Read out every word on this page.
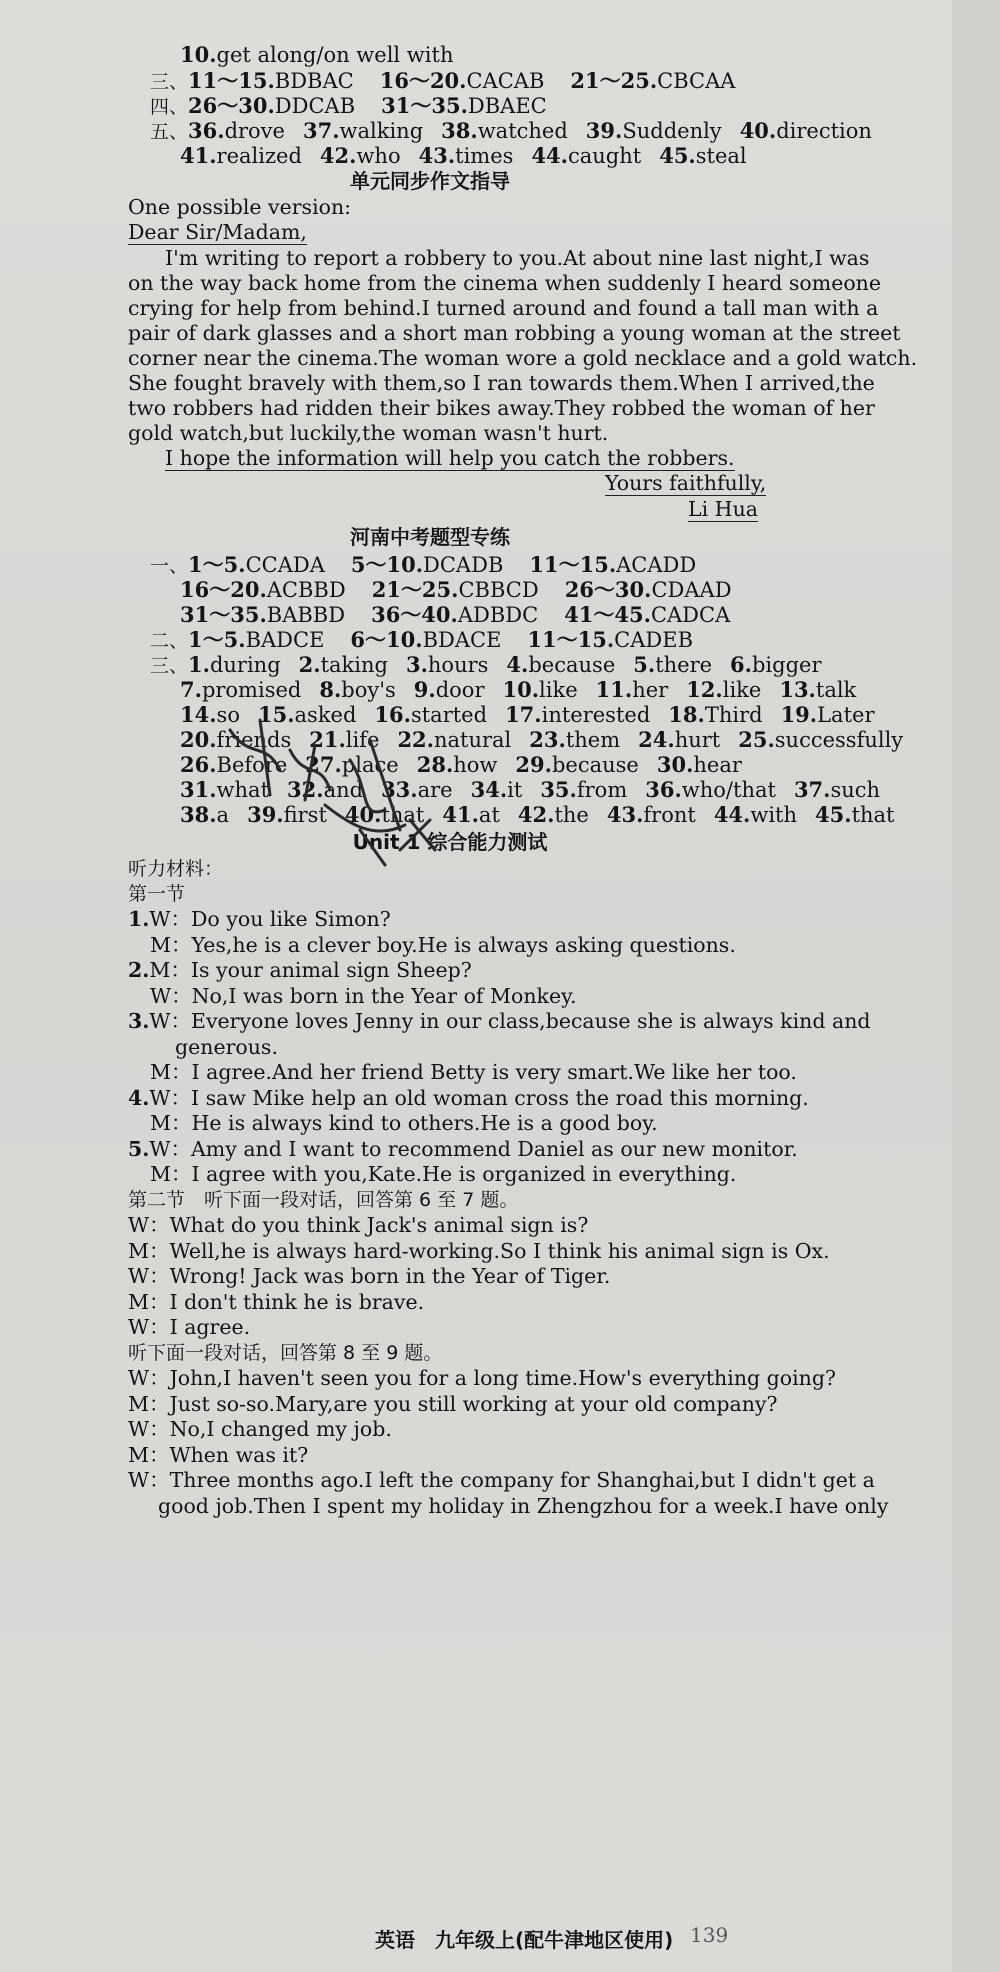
10.get along/on well with
三、11～15.BDBAC 16～20.CACAB 21～25.CBCAA
四、26～30.DDCAB 31～35.DBAEC
五、36.drove 37.walking 38.watched 39.Suddenly 40.direction
41.realized 42.who 43.times 44.caught 45.steal
单元同步作文指导
One possible version:
Dear Sir/Madam,
I'm writing to report a robbery to you.At about nine last night,I was
on the way back home from the cinema when suddenly I heard someone
crying for help from behind.I turned around and found a tall man with a
pair of dark glasses and a short man robbing a young woman at the street
corner near the cinema.The woman wore a gold necklace and a gold watch.
She fought bravely with them,so I ran towards them.When I arrived,the
two robbers had ridden their bikes away.They robbed the woman of her
gold watch,but luckily,the woman wasn't hurt.
I hope the information will help you catch the robbers.
Yours faithfully,
Li Hua
河南中考题型专练
一、1～5.CCADA 5～10.DCADB 11～15.ACADD
16～20.ACBBD 21～25.CBBCD 26～30.CDAAD
31～35.BABBD 36～40.ADBDC 41～45.CADCA
二、1～5.BADCE 6～10.BDACE 11～15.CADEB
三、1.during 2.taking 3.hours 4.because 5.there 6.bigger
7.promised 8.boy's 9.door 10.like 11.her 12.like 13.talk
14.so 15.asked 16.started 17.interested 18.Third 19.Later
20.friends 21.life 22.natural 23.them 24.hurt 25.successfully
26.Before 27.place 28.how 29.because 30.hear
31.what 32.and 33.are 34.it 35.from 36.who/that 37.such
38.a 39.first 40.that 41.at 42.the 43.front 44.with 45.that
Unit 1 综合能力测试
听力材料：
第一节
1.W：Do you like Simon?
M：Yes,he is a clever boy.He is always asking questions.
2.M：Is your animal sign Sheep?
W：No,I was born in the Year of Monkey.
3.W：Everyone loves Jenny in our class,because she is always kind and
generous.
M：I agree.And her friend Betty is very smart.We like her too.
4.W：I saw Mike help an old woman cross the road this morning.
M：He is always kind to others.He is a good boy.
5.W：Amy and I want to recommend Daniel as our new monitor.
M：I agree with you,Kate.He is organized in everything.
第二节　听下面一段对话，回答第 6 至 7 题。
W：What do you think Jack's animal sign is?
M：Well,he is always hard-working.So I think his animal sign is Ox.
W：Wrong! Jack was born in the Year of Tiger.
M：I don't think he is brave.
W：I agree.
听下面一段对话，回答第 8 至 9 题。
W：John,I haven't seen you for a long time.How's everything going?
M：Just so-so.Mary,are you still working at your old company?
W：No,I changed my job.
M：When was it?
W：Three months ago.I left the company for Shanghai,but I didn't get a
good job.Then I spent my holiday in Zhengzhou for a week.I have only
英语　九年级上(配牛津地区使用) 139
